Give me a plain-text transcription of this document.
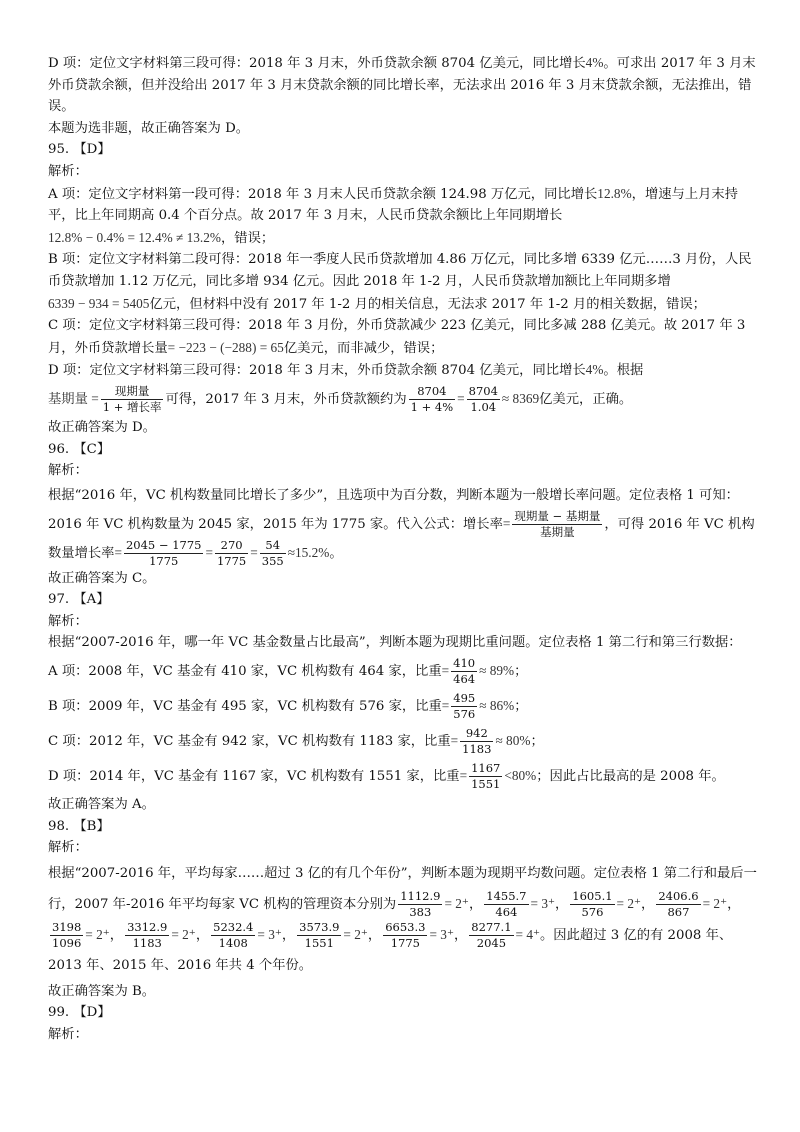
D 项：定位文字材料第三段可得：2018 年 3 月末，外币贷款余额 8704 亿美元，同比增长4%。可求出 2017 年 3 月末外币贷款余额，但并没给出 2017 年 3 月末贷款余额的同比增长率，无法求出 2016 年 3 月末贷款余额，无法推出，错误。

本题为选非题，故正确答案为 D。

95. 【D】

解析：

A 项：定位文字材料第一段可得：2018 年 3 月末人民币贷款余额 124.98 万亿元，同比增长12.8%，增速与上月末持平，比上年同期高 0.4 个百分点。故 2017 年 3 月末，人民币贷款余额比上年同期增长
12.8% − 0.4% = 12.4% ≠ 13.2%，错误；

B 项：定位文字材料第二段可得：2018 年一季度人民币贷款增加 4.86 万亿元，同比多增 6339 亿元……3 月份，人民币贷款增加 1.12 万亿元，同比多增 934 亿元。因此 2018 年 1-2 月，人民币贷款增加额比上年同期多增
6339 − 934 = 5405亿元，但材料中没有 2017 年 1-2 月的相关信息，无法求 2017 年 1-2 月的相关数据，错误；

C 项：定位文字材料第三段可得：2018 年 3 月份，外币贷款减少 223 亿美元，同比多减 288 亿美元。故 2017 年 3 月，外币贷款增长量= −223 − (−288) = 65亿美元，而非减少，错误；

D 项：定位文字材料第三段可得：2018 年 3 月末，外币贷款余额 8704 亿美元，同比增长4%。根据

基期量 = $\frac{\text{现期量}}{\text{1 + 增长率}}$ 可得，2017 年 3 月末，外币贷款额约为 $\frac{8704}{1 + 4\%} = \frac{8704}{1.04} \approx 8369$亿美元，正确。

故正确答案为 D。

96. 【C】

解析：

根据“2016 年，VC 机构数量同比增长了多少”，且选项中为百分数，判断本题为一般增长率问题。定位表格 1 可知：2016 年 VC 机构数量为 2045 家，2015 年为 1775 家。代入公式：增长率= $\frac{\text{现期量 − 基期量}}{\text{基期量}}$ ，可得 2016 年 VC 机构数量增长率= $\frac{2045 - 1775}{1775} = \frac{270}{1775} = \frac{54}{355} \approx 15.2\%$。

故正确答案为 C。

97. 【A】

解析：

根据“2007-2016 年，哪一年 VC 基金数量占比最高”，判断本题为现期比重问题。定位表格 1 第二行和第三行数据：

A 项：2008 年，VC 基金有 410 家，VC 机构数有 464 家，比重= $\frac{410}{464} \approx 89\%$；

B 项：2009 年，VC 基金有 495 家，VC 机构数有 576 家，比重= $\frac{495}{576} \approx 86\%$；

C 项：2012 年，VC 基金有 942 家，VC 机构数有 1183 家，比重= $\frac{942}{1183} \approx 80\%$；

D 项：2014 年，VC 基金有 1167 家，VC 机构数有 1551 家，比重= $\frac{1167}{1551} <80\%$；因此占比最高的是 2008 年。

故正确答案为 A。

98. 【B】

解析：

根据“2007-2016 年，平均每家……超过 3 亿的有几个年份”，判断本题为现期平均数问题。定位表格 1 第二行和最后一行，2007 年-2016 年平均每家 VC 机构的管理资本分别为 $\frac{1112.9}{383} = 2^+$， $\frac{1455.7}{464} = 3^+$， $\frac{1605.1}{576} = 2^+$， $\frac{2406.6}{867} = 2^+$，
$\frac{3198}{1096} = 2^+$， $\frac{3312.9}{1183} = 2^+$， $\frac{5232.4}{1408} = 3^+$， $\frac{3573.9}{1551} = 2^+$， $\frac{6653.3}{1775} = 3^+$， $\frac{8277.1}{2045} = 4^+$。因此超过 3 亿的有 2008 年、2013 年、2015 年、2016 年共 4 个年份。

故正确答案为 B。

99. 【D】

解析：
